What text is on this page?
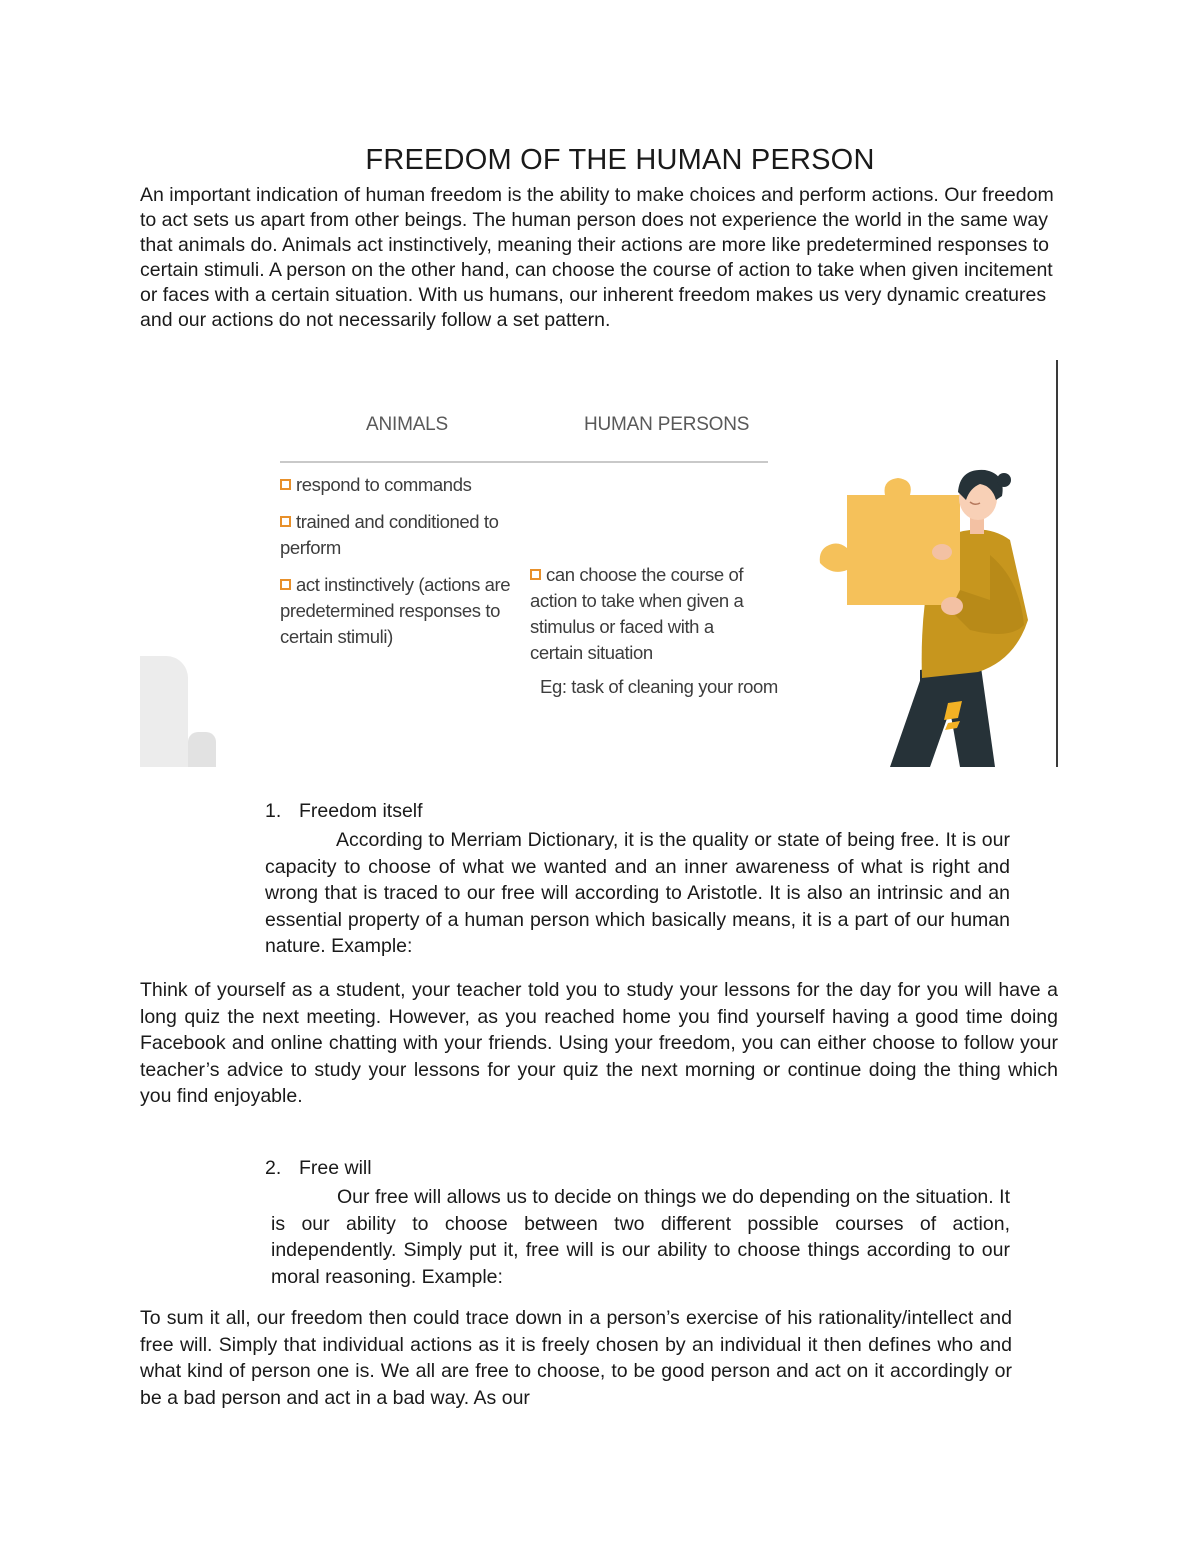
FREEDOM OF THE HUMAN PERSON

An important indication of human freedom is the ability to make choices and perform actions. Our freedom to act sets us apart from other beings. The human person does not experience the world in the same way that animals do. Animals act instinctively, meaning their actions are more like predetermined responses to certain stimuli. A person on the other hand, can choose the course of action to take when given incitement or faces with a certain situation. With us humans, our inherent freedom makes us very dynamic creatures and our actions do not necessarily follow a set pattern.

ANIMALS	HUMAN PERSONS
respond to commands
trained and conditioned to perform
act instinctively (actions are predetermined responses to certain stimuli)
can choose the course of action to take when given a stimulus or faced with a certain situation
Eg: task of cleaning your room
1. Freedom itself

According to Merriam Dictionary, it is the quality or state of being free. It is our capacity to choose of what we wanted and an inner awareness of what is right and wrong that is traced to our free will according to Aristotle. It is also an intrinsic and an essential property of a human person which basically means, it is a part of our human nature. Example:

Think of yourself as a student, your teacher told you to study your lessons for the day for you will have a long quiz the next meeting. However, as you reached home you find yourself having a good time doing Facebook and online chatting with your friends. Using your freedom, you can either choose to follow your teacher’s advice to study your lessons for your quiz the next morning or continue doing the thing which you find enjoyable.

2. Free will

Our free will allows us to decide on things we do depending on the situation. It is our ability to choose between two different possible courses of action, independently. Simply put it, free will is our ability to choose things according to our moral reasoning. Example:

To sum it all, our freedom then could trace down in a person’s exercise of his rationality/intellect and free will. Simply that individual actions as it is freely chosen by an individual it then defines who and what kind of person one is. We all are free to choose, to be good person and act on it accordingly or be a bad person and act in a bad way. As our
